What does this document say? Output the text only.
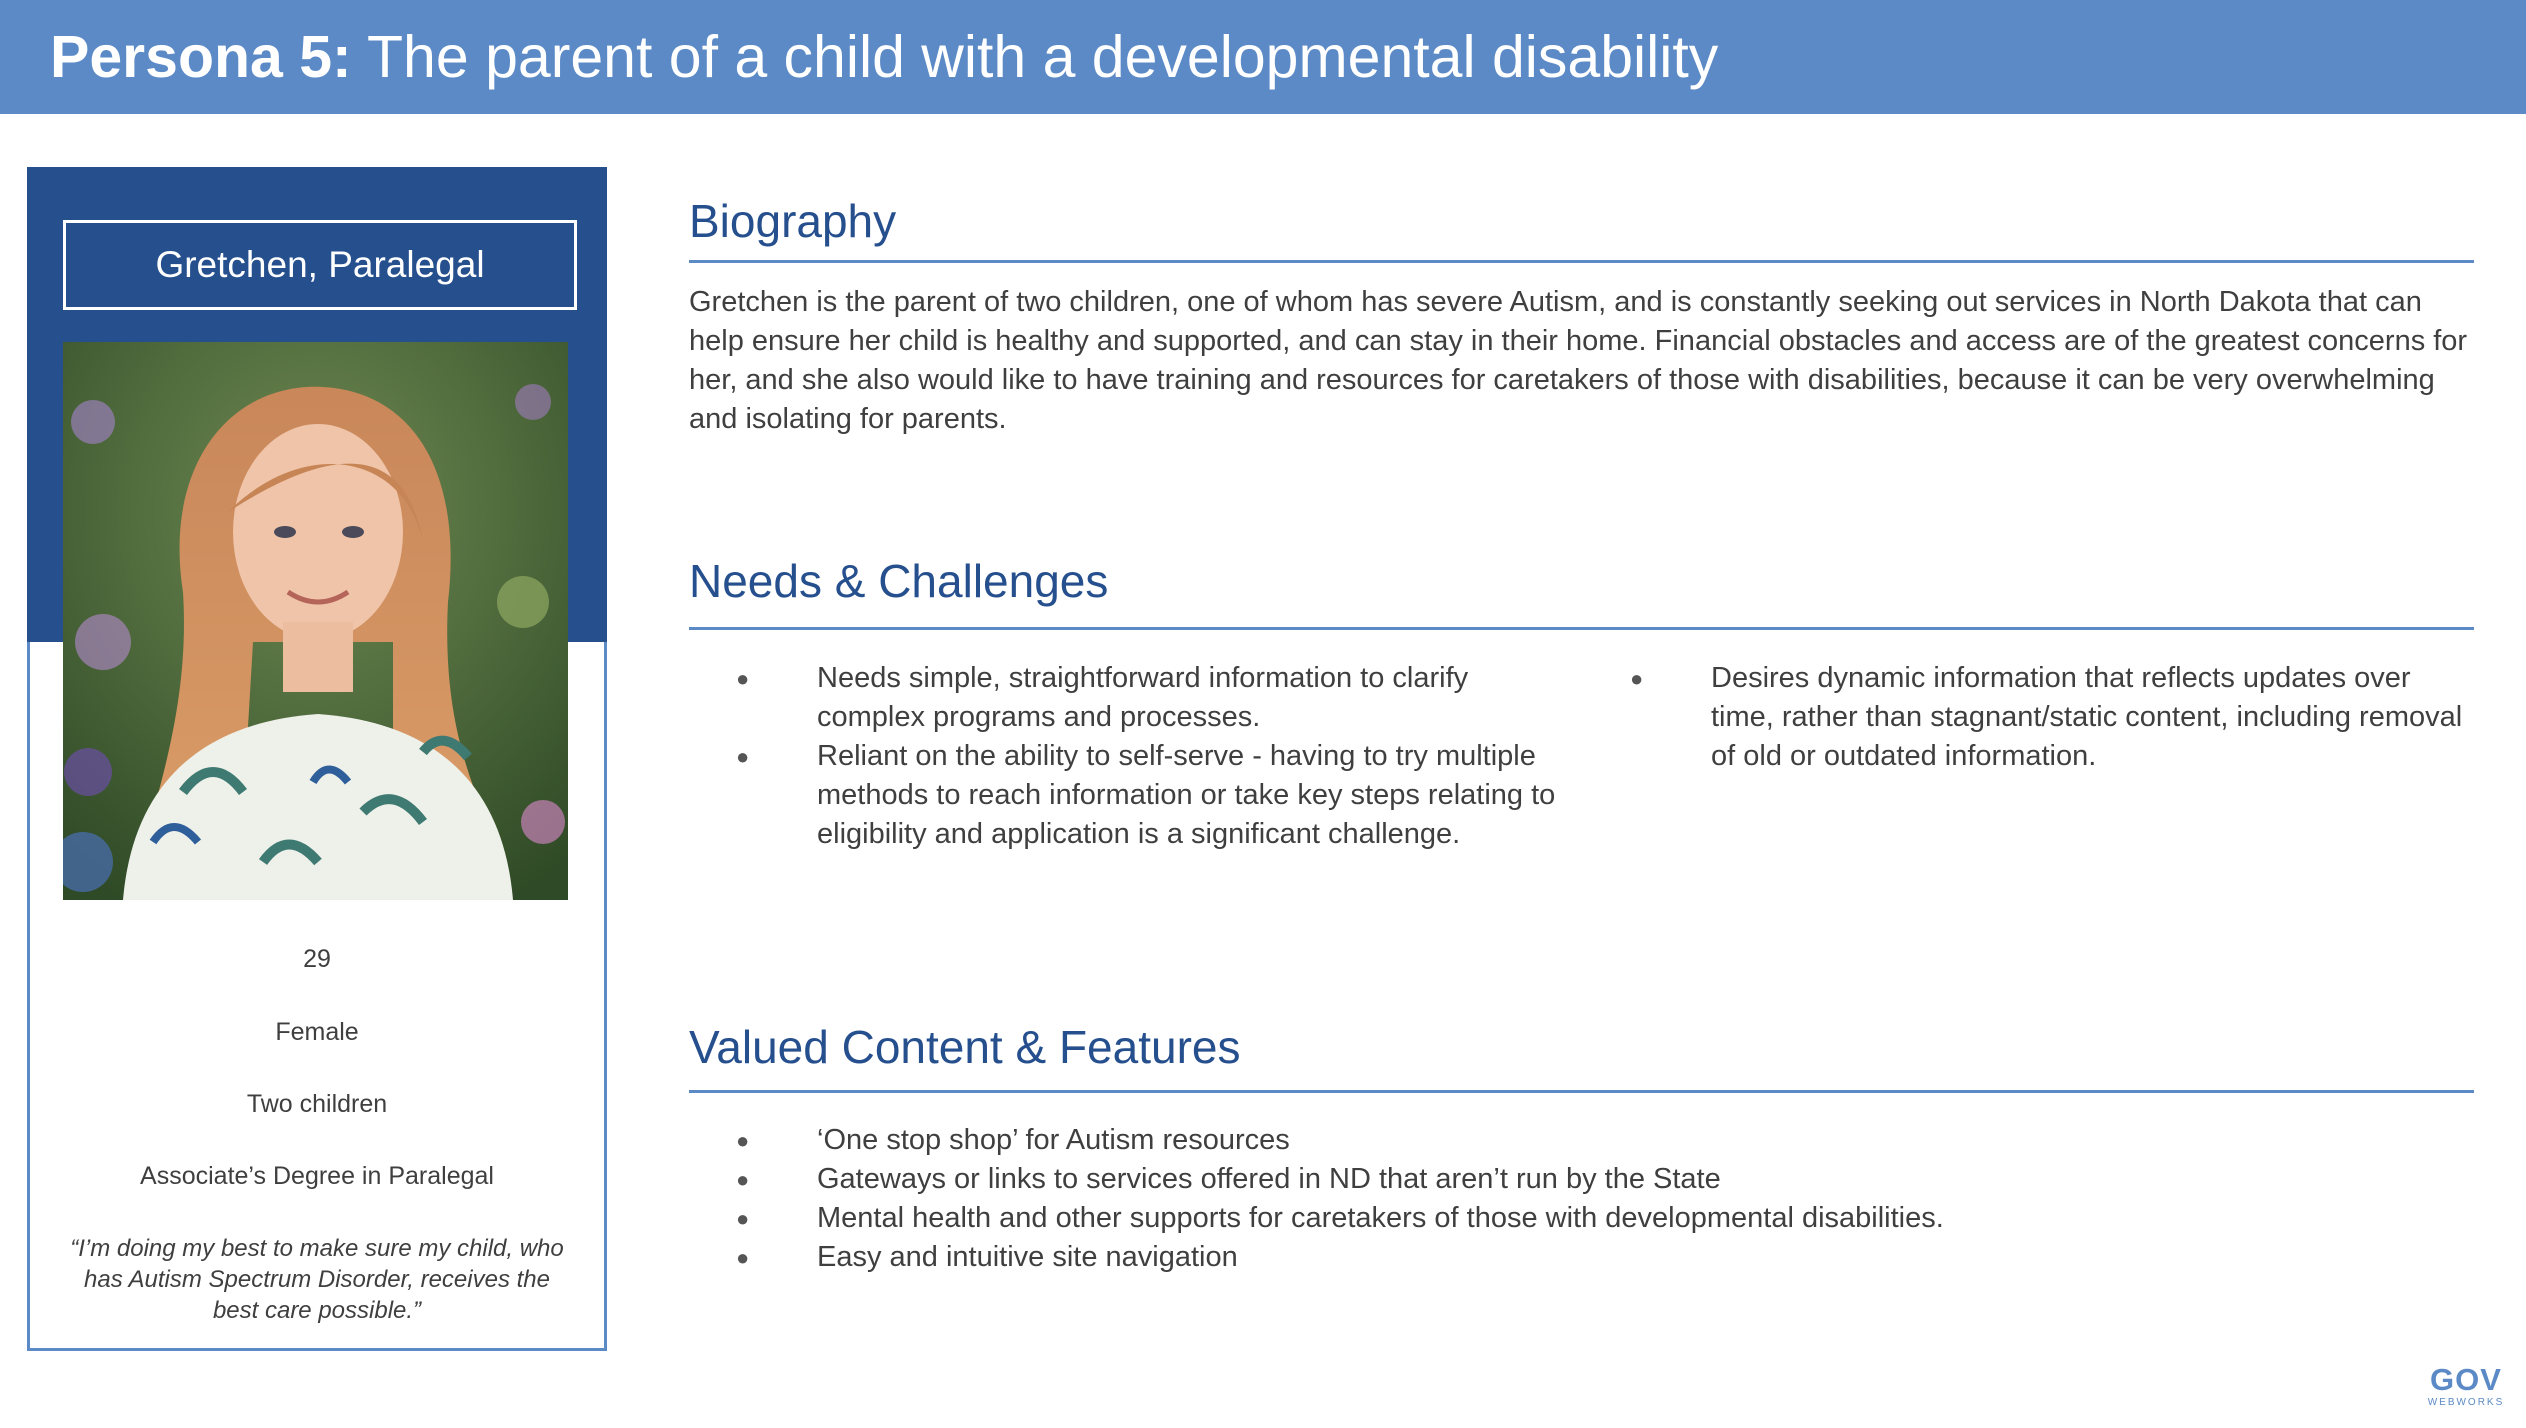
Persona 5: The parent of a child with a developmental disability
Gretchen, Paralegal
29
Female
Two children
Associate’s Degree in Paralegal
“I’m doing my best to make sure my child, who has Autism Spectrum Disorder, receives the best care possible.”
Biography
Gretchen is the parent of two children, one of whom has severe Autism, and is constantly seeking out services in North Dakota that can help ensure her child is healthy and supported, and can stay in their home. Financial obstacles and access are of the greatest concerns for her, and she also would like to have training and resources for caretakers of those with disabilities, because it can be very overwhelming and isolating for parents.
Needs & Challenges
● Needs simple, straightforward information to clarify complex programs and processes.
● Reliant on the ability to self-serve - having to try multiple methods to reach information or take key steps relating to eligibility and application is a significant challenge.
● Desires dynamic information that reflects updates over time, rather than stagnant/static content, including removal of old or outdated information.
Valued Content & Features
● ‘One stop shop’ for Autism resources
● Gateways or links to services offered in ND that aren’t run by the State
● Mental health and other supports for caretakers of those with developmental disabilities.
● Easy and intuitive site navigation
GOV
WEBWORKS
